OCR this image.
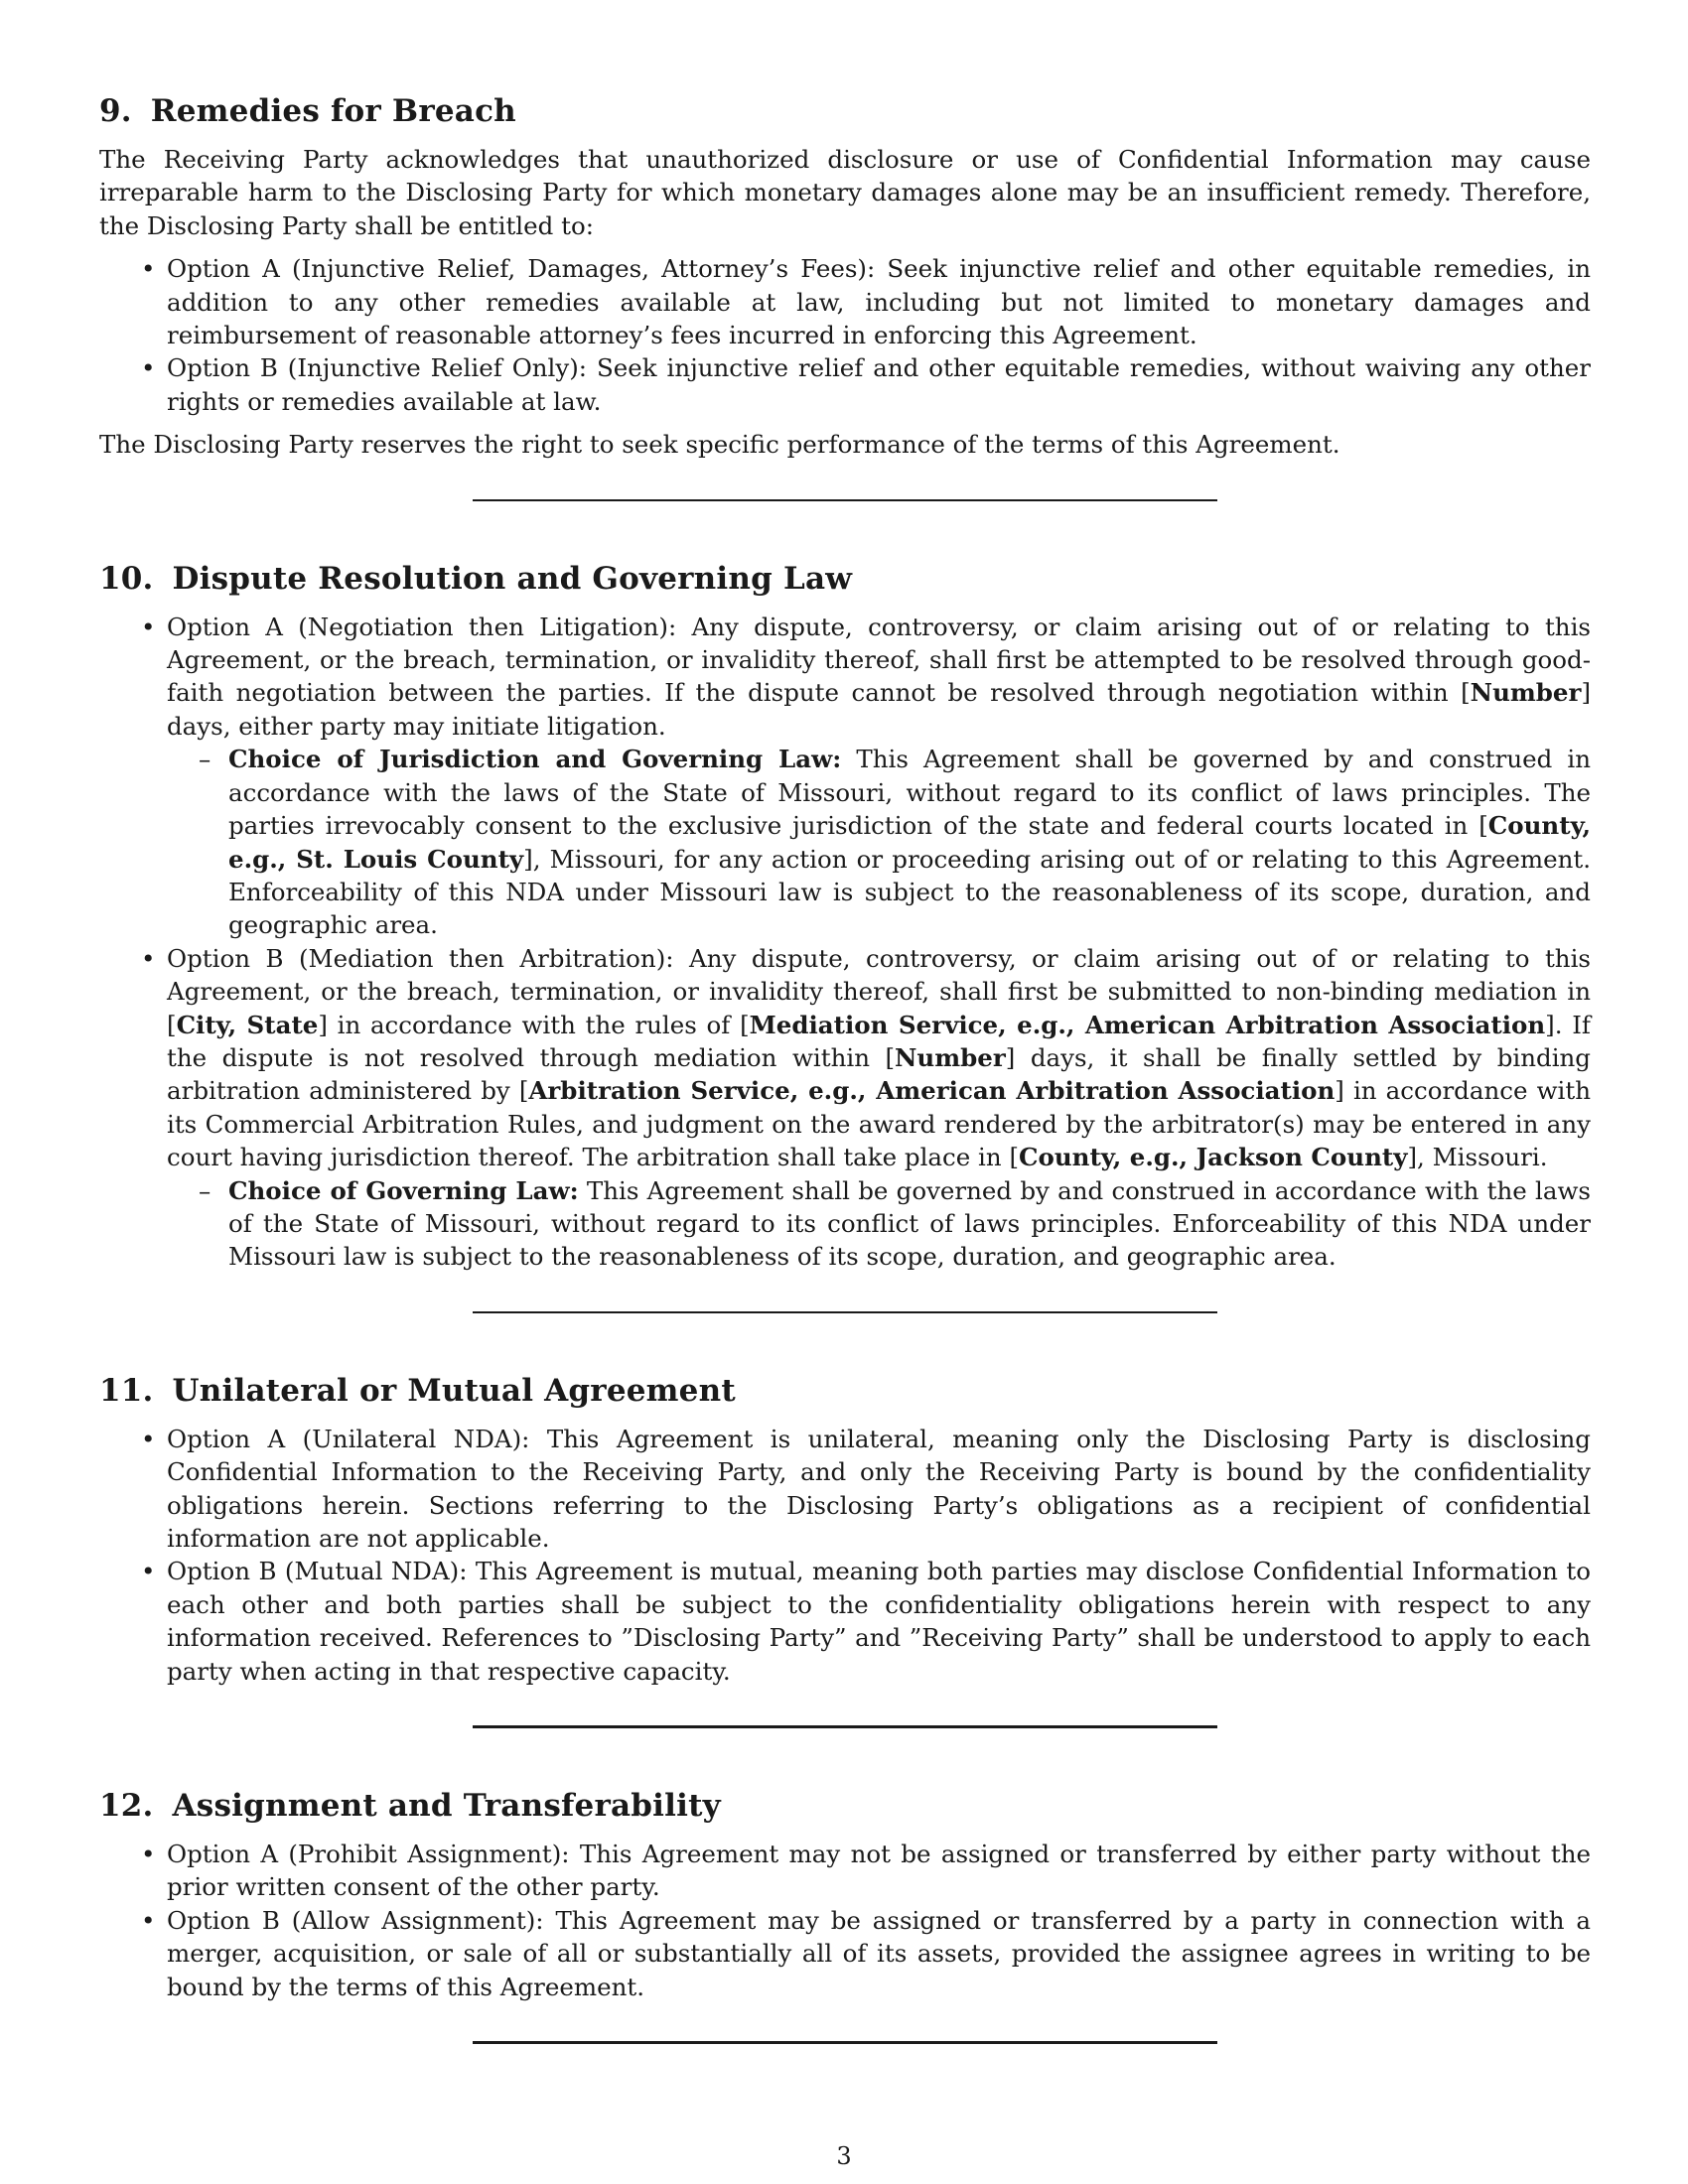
9. Remedies for Breach

The Receiving Party acknowledges that unauthorized disclosure or use of Confidential Information may cause irreparable harm to the Disclosing Party for which monetary damages alone may be an insufficient remedy. Therefore, the Disclosing Party shall be entitled to:

• Option A (Injunctive Relief, Damages, Attorney’s Fees): Seek injunctive relief and other equitable remedies, in addition to any other remedies available at law, including but not limited to monetary damages and reimbursement of reasonable attorney’s fees incurred in enforcing this Agreement.
• Option B (Injunctive Relief Only): Seek injunctive relief and other equitable remedies, without waiving any other rights or remedies available at law.

The Disclosing Party reserves the right to seek specific performance of the terms of this Agreement.

10. Dispute Resolution and Governing Law
• Option A (Negotiation then Litigation): Any dispute, controversy, or claim arising out of or relating to this Agreement, or the breach, termination, or invalidity thereof, shall first be attempted to be resolved through good-faith negotiation between the parties. If the dispute cannot be resolved through negotiation within [Number] days, either party may initiate litigation.
– Choice of Jurisdiction and Governing Law: This Agreement shall be governed by and construed in accordance with the laws of the State of Missouri, without regard to its conflict of laws principles. The parties irrevocably consent to the exclusive jurisdiction of the state and federal courts located in [County, e.g., St. Louis County], Missouri, for any action or proceeding arising out of or relating to this Agreement. Enforceability of this NDA under Missouri law is subject to the reasonableness of its scope, duration, and geographic area.
• Option B (Mediation then Arbitration): Any dispute, controversy, or claim arising out of or relating to this Agreement, or the breach, termination, or invalidity thereof, shall first be submitted to non-binding mediation in [City, State] in accordance with the rules of [Mediation Service, e.g., American Arbitration Association]. If the dispute is not resolved through mediation within [Number] days, it shall be finally settled by binding arbitration administered by [Arbitration Service, e.g., American Arbitration Association] in accordance with its Commercial Arbitration Rules, and judgment on the award rendered by the arbitrator(s) may be entered in any court having jurisdiction thereof. The arbitration shall take place in [County, e.g., Jackson County], Missouri.
– Choice of Governing Law: This Agreement shall be governed by and construed in accordance with the laws of the State of Missouri, without regard to its conflict of laws principles. Enforceability of this NDA under Missouri law is subject to the reasonableness of its scope, duration, and geographic area.
11. Unilateral or Mutual Agreement
• Option A (Unilateral NDA): This Agreement is unilateral, meaning only the Disclosing Party is disclosing Confidential Information to the Receiving Party, and only the Receiving Party is bound by the confidentiality obligations herein. Sections referring to the Disclosing Party’s obligations as a recipient of confidential information are not applicable.
• Option B (Mutual NDA): This Agreement is mutual, meaning both parties may disclose Confidential Information to each other and both parties shall be subject to the confidentiality obligations herein with respect to any information received. References to ”Disclosing Party” and ”Receiving Party” shall be understood to apply to each party when acting in that respective capacity.
12. Assignment and Transferability
• Option A (Prohibit Assignment): This Agreement may not be assigned or transferred by either party without the prior written consent of the other party.
• Option B (Allow Assignment): This Agreement may be assigned or transferred by a party in connection with a merger, acquisition, or sale of all or substantially all of its assets, provided the assignee agrees in writing to be bound by the terms of this Agreement.
3
